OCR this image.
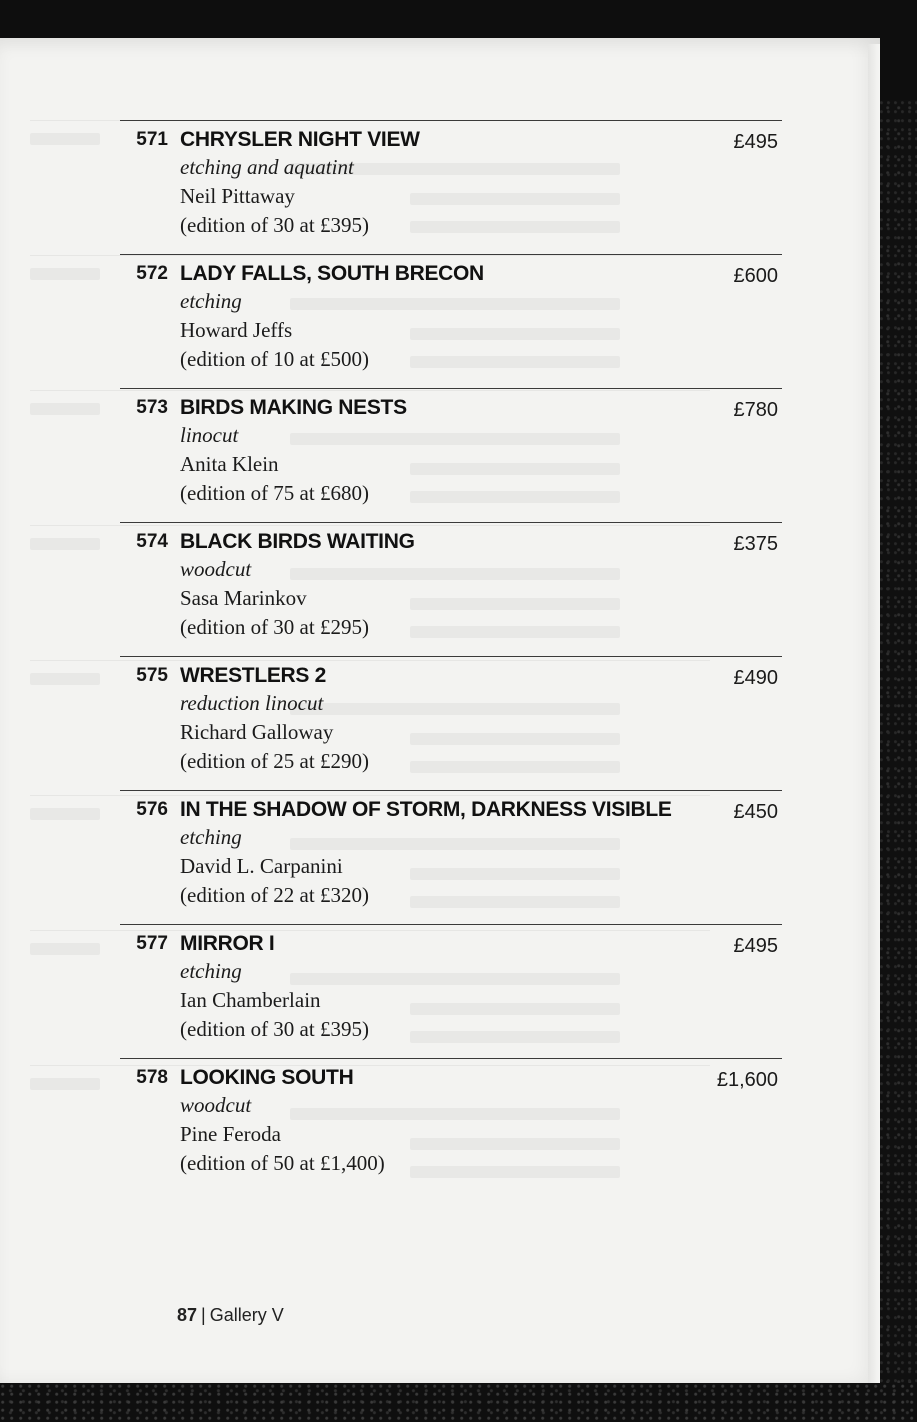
571 CHRYSLER NIGHT VIEW
etching and aquatint
Neil Pittaway
(edition of 30 at £395)
£495
572 LADY FALLS, SOUTH BRECON
etching
Howard Jeffs
(edition of 10 at £500)
£600
573 BIRDS MAKING NESTS
linocut
Anita Klein
(edition of 75 at £680)
£780
574 BLACK BIRDS WAITING
woodcut
Sasa Marinkov
(edition of 30 at £295)
£375
575 WRESTLERS 2
reduction linocut
Richard Galloway
(edition of 25 at £290)
£490
576 IN THE SHADOW OF STORM, DARKNESS VISIBLE
etching
David L. Carpanini
(edition of 22 at £320)
£450
577 MIRROR I
etching
Ian Chamberlain
(edition of 30 at £395)
£495
578 LOOKING SOUTH
woodcut
Pine Feroda
(edition of 50 at £1,400)
£1,600
87 | Gallery V
